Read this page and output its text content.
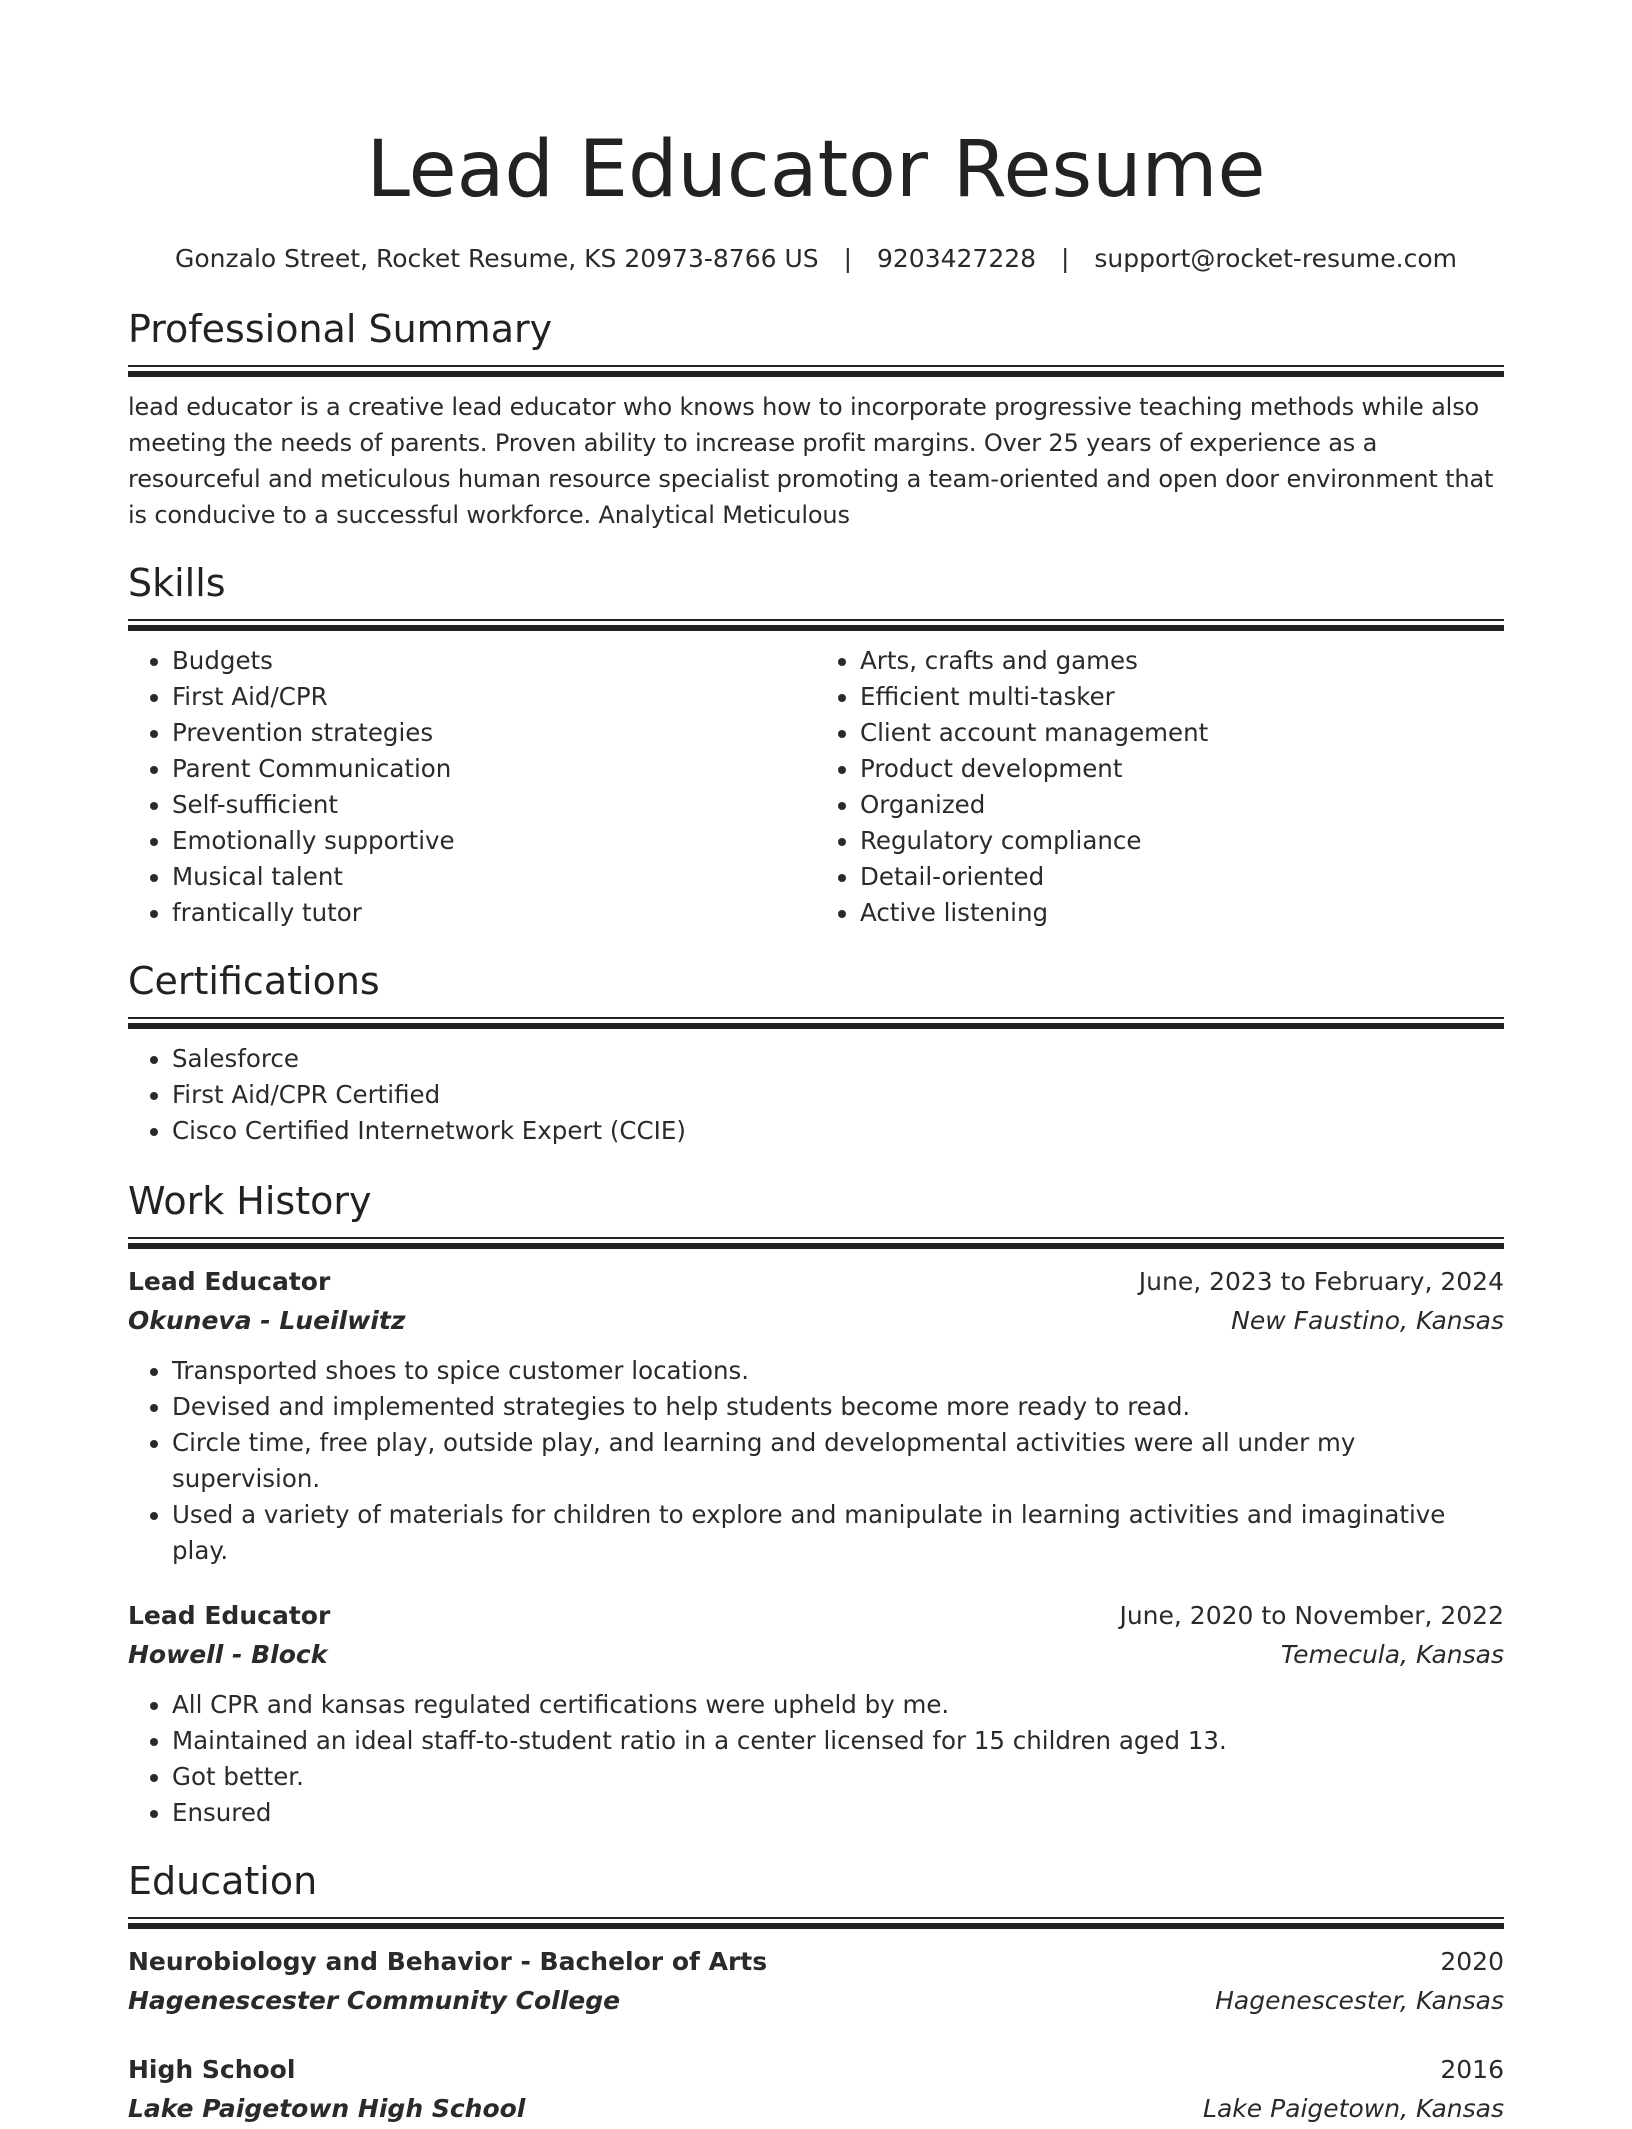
Lead Educator Resume
Gonzalo Street, Rocket Resume, KS 20973-8766 US | 9203427228 | support@rocket-resume.com
Professional Summary

lead educator is a creative lead educator who knows how to incorporate progressive teaching methods while also meeting the needs of parents. Proven ability to increase profit margins. Over 25 years of experience as a resourceful and meticulous human resource specialist promoting a team-oriented and open door environment that is conducive to a successful workforce. Analytical Meticulous

Skills
• Budgets
• First Aid/CPR
• Prevention strategies
• Parent Communication
• Self-sufficient
• Emotionally supportive
• Musical talent
• frantically tutor
• Arts, crafts and games
• Efficient multi-tasker
• Client account management
• Product development
• Organized
• Regulatory compliance
• Detail-oriented
• Active listening
Certifications
• Salesforce
• First Aid/CPR Certified
• Cisco Certified Internetwork Expert (CCIE)
Work History
Lead Educator	June, 2023 to February, 2024
Okuneva - Lueilwitz	New Faustino, Kansas
• Transported shoes to spice customer locations.
• Devised and implemented strategies to help students become more ready to read.
• Circle time, free play, outside play, and learning and developmental activities were all under my supervision.
• Used a variety of materials for children to explore and manipulate in learning activities and imaginative play.
Lead Educator	June, 2020 to November, 2022
Howell - Block	Temecula, Kansas
• All CPR and kansas regulated certifications were upheld by me.
• Maintained an ideal staff-to-student ratio in a center licensed for 15 children aged 13.
• Got better.
• Ensured
Education
Neurobiology and Behavior - Bachelor of Arts	2020
Hagenescester Community College	Hagenescester, Kansas
High School	2016
Lake Paigetown High School	Lake Paigetown, Kansas
